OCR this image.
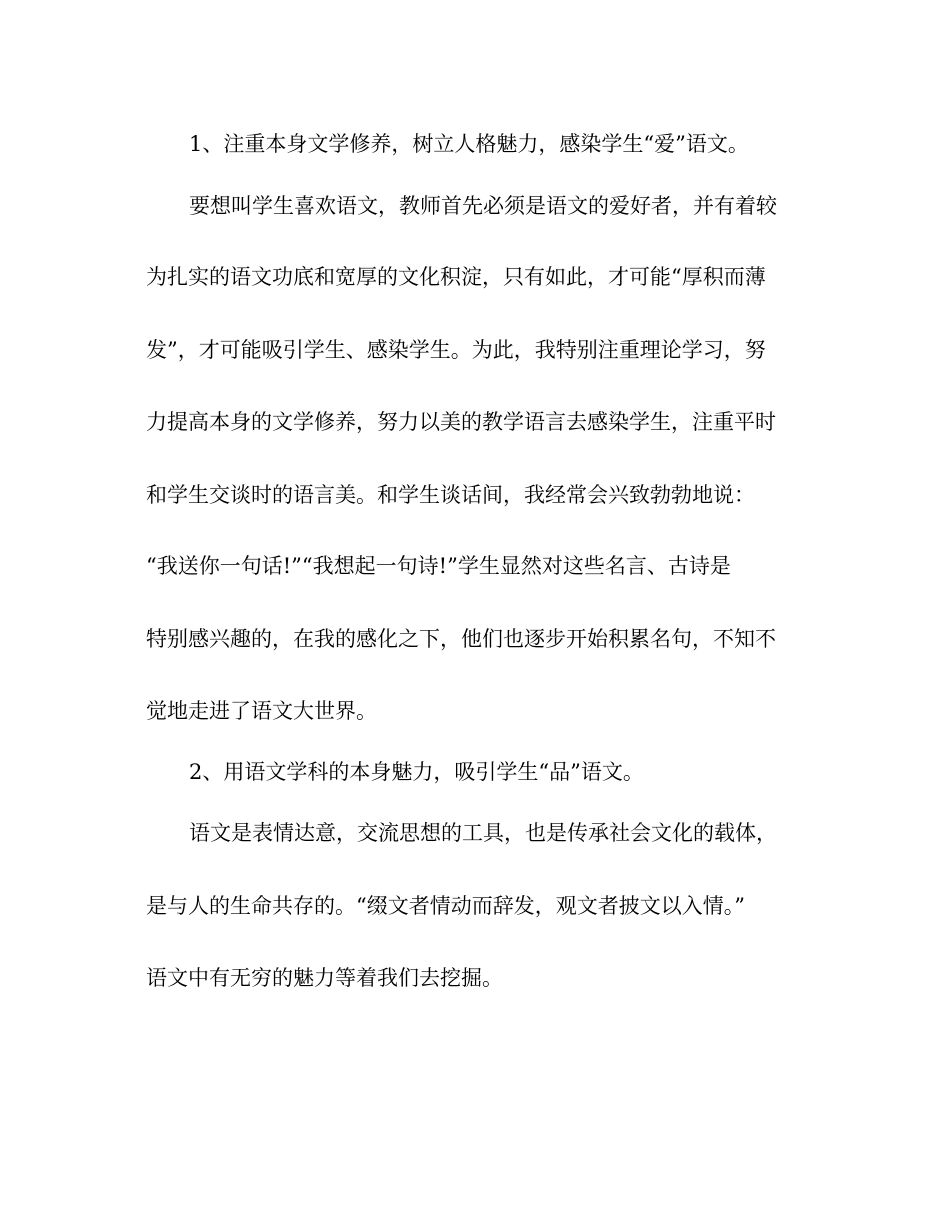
1、注重本身文学修养，树立人格魅力，感染学生“爱”语文。
要想叫学生喜欢语文，教师首先必须是语文的爱好者，并有着较
为扎实的语文功底和宽厚的文化积淀，只有如此，才可能“厚积而薄
发”，才可能吸引学生、感染学生。为此，我特别注重理论学习，努
力提高本身的文学修养，努力以美的教学语言去感染学生，注重平时
和学生交谈时的语言美。和学生谈话间，我经常会兴致勃勃地说：
“我送你一句话!”“我想起一句诗!”学生显然对这些名言、古诗是
特别感兴趣的，在我的感化之下，他们也逐步开始积累名句，不知不
觉地走进了语文大世界。
2、用语文学科的本身魅力，吸引学生“品”语文。
语文是表情达意，交流思想的工具，也是传承社会文化的载体，
是与人的生命共存的。“缀文者情动而辞发，观文者披文以入情。”
语文中有无穷的魅力等着我们去挖掘。
